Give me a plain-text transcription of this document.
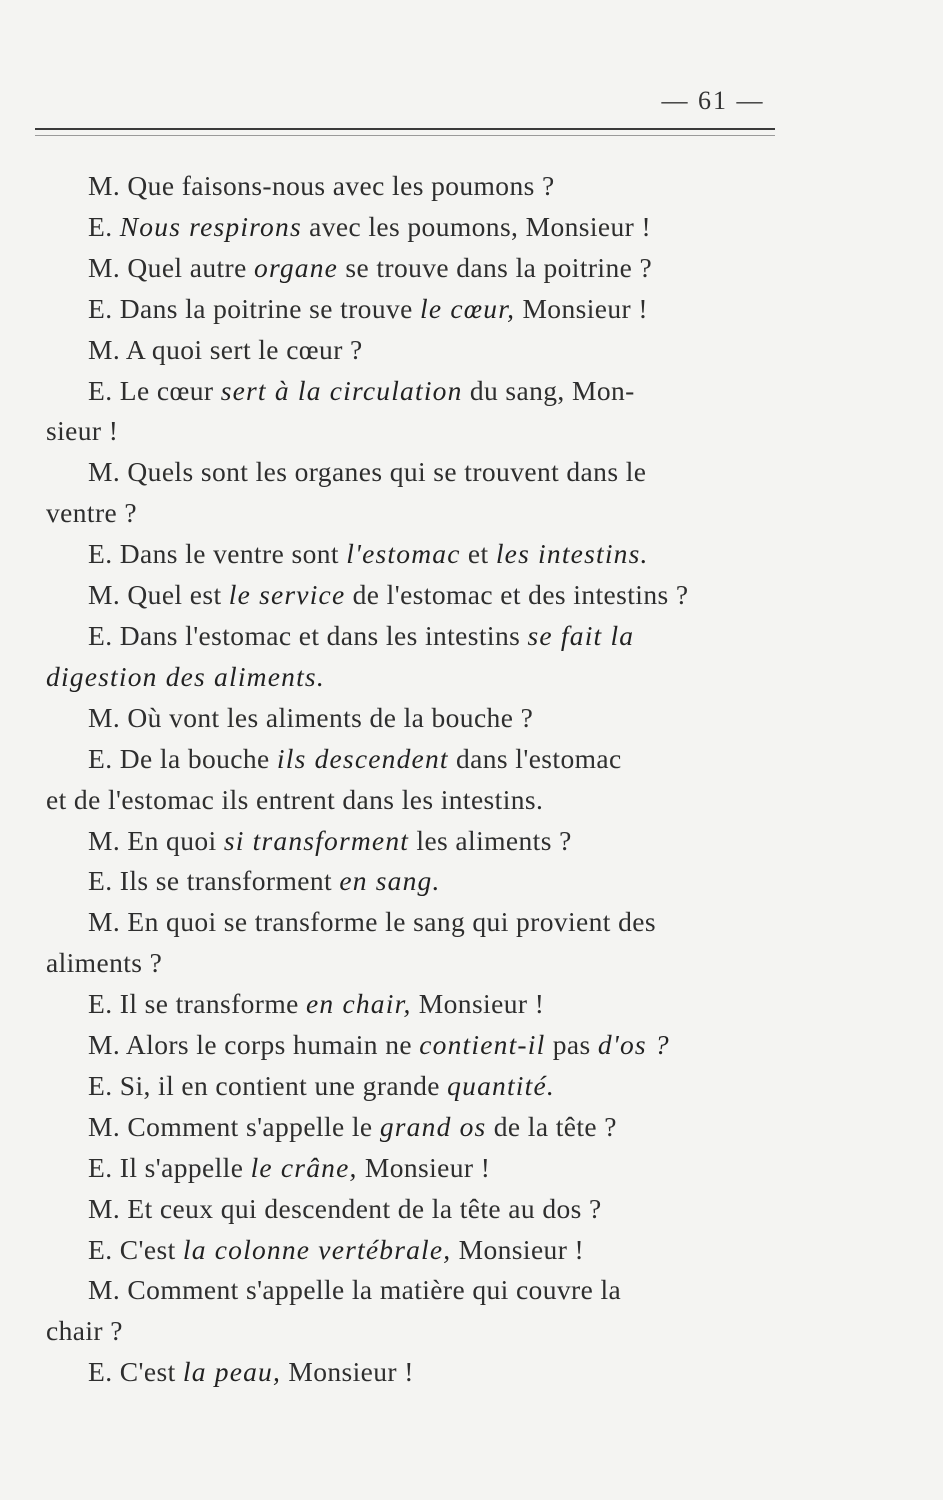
— 61 —
M. Que faisons-nous avec les poumons ?
E. Nous respirons avec les poumons, Monsieur !
M. Quel autre organe se trouve dans la poitrine ?
E. Dans la poitrine se trouve le cœur, Monsieur !
M. A quoi sert le cœur ?
E. Le cœur sert à la circulation du sang, Mon-
sieur !
M. Quels sont les organes qui se trouvent dans le
ventre ?
E. Dans le ventre sont l'estomac et les intestins.
M. Quel est le service de l'estomac et des intestins ?
E. Dans l'estomac et dans les intestins se fait la
digestion des aliments.
M. Où vont les aliments de la bouche ?
E. De la bouche ils descendent dans l'estomac
et de l'estomac ils entrent dans les intestins.
M. En quoi si transforment les aliments ?
E. Ils se transforment en sang.
M. En quoi se transforme le sang qui provient des
aliments ?
E. Il se transforme en chair, Monsieur !
M. Alors le corps humain ne contient-il pas d'os ?
E. Si, il en contient une grande quantité.
M. Comment s'appelle le grand os de la tête ?
E. Il s'appelle le crâne, Monsieur !
M. Et ceux qui descendent de la tête au dos ?
E. C'est la colonne vertébrale, Monsieur !
M. Comment s'appelle la matière qui couvre la
chair ?
E. C'est la peau, Monsieur !
